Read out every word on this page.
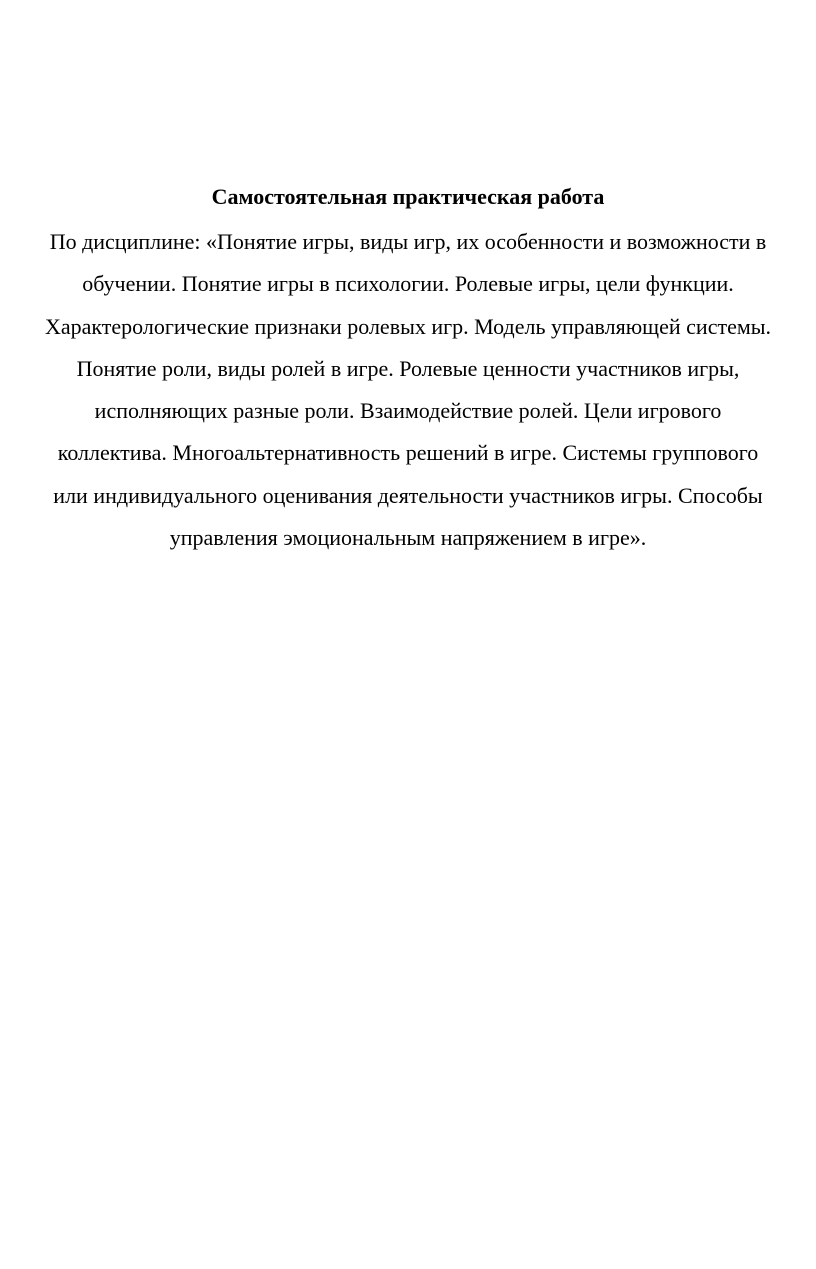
Самостоятельная практическая работа
По дисциплине: «Понятие игры, виды игр, их особенности и возможности в
обучении. Понятие игры в психологии. Ролевые игры, цели функции.
Характерологические признаки ролевых игр. Модель управляющей системы.
Понятие роли, виды ролей в игре. Ролевые ценности участников игры,
исполняющих разные роли. Взаимодействие ролей. Цели игрового
коллектива. Многоальтернативность решений в игре. Системы группового
или индивидуального оценивания деятельности участников игры. Способы
управления эмоциональным напряжением в игре».
